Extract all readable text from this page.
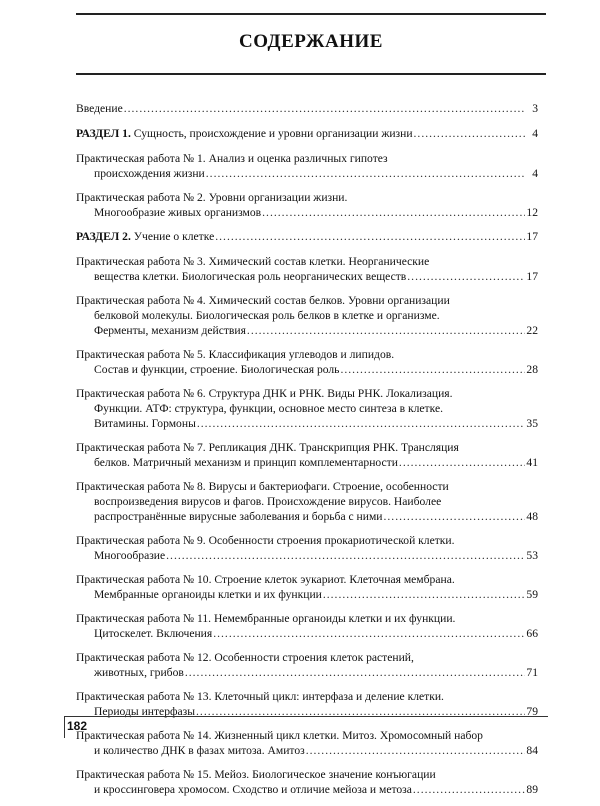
СОДЕРЖАНИЕ
Введение .....	3
РАЗДЕЛ 1. Сущность, происхождение и уровни организации жизни .....	4
Практическая работа № 1. Анализ и оценка различных гипотез
происхождения жизни .....	4
Практическая работа № 2. Уровни организации жизни.
Многообразие живых организмов .....	12
РАЗДЕЛ 2. Учение о клетке .....	17
Практическая работа № 3. Химический состав клетки. Неорганические
вещества клетки. Биологическая роль неорганических веществ .....	17
Практическая работа № 4. Химический состав белков. Уровни организации
белковой молекулы. Биологическая роль белков в клетке и организме.
Ферменты, механизм действия .....	22
Практическая работа № 5. Классификация углеводов и липидов.
Состав и функции, строение. Биологическая роль .....	28
Практическая работа № 6. Структура ДНК и РНК. Виды РНК. Локализация.
Функции. АТФ: структура, функции, основное место синтеза в клетке.
Витамины. Гормоны .....	35
Практическая работа № 7. Репликация ДНК. Транскрипция РНК. Трансляция
белков. Матричный механизм и принцип комплементарности .....	41
Практическая работа № 8. Вирусы и бактериофаги. Строение, особенности
воспроизведения вирусов и фагов. Происхождение вирусов. Наиболее
распространённые вирусные заболевания и борьба с ними .....	48
Практическая работа № 9. Особенности строения прокариотической клетки.
Многообразие .....	53
Практическая работа № 10. Строение клеток эукариот. Клеточная мембрана.
Мембранные органоиды клетки и их функции .....	59
Практическая работа № 11. Немембранные органоиды клетки и их функции.
Цитоскелет. Включения .....	66
Практическая работа № 12. Особенности строения клеток растений,
животных, грибов .....	71
Практическая работа № 13. Клеточный цикл: интерфаза и деление клетки.
Периоды интерфазы .....	79
Практическая работа № 14. Жизненный цикл клетки. Митоз. Хромосомный набор
и количество ДНК в фазах митоза. Амитоз .....	84
Практическая работа № 15. Мейоз. Биологическое значение конъюгации
и кроссинговера хромосом. Сходство и отличие мейоза и метоза .....	89
182
